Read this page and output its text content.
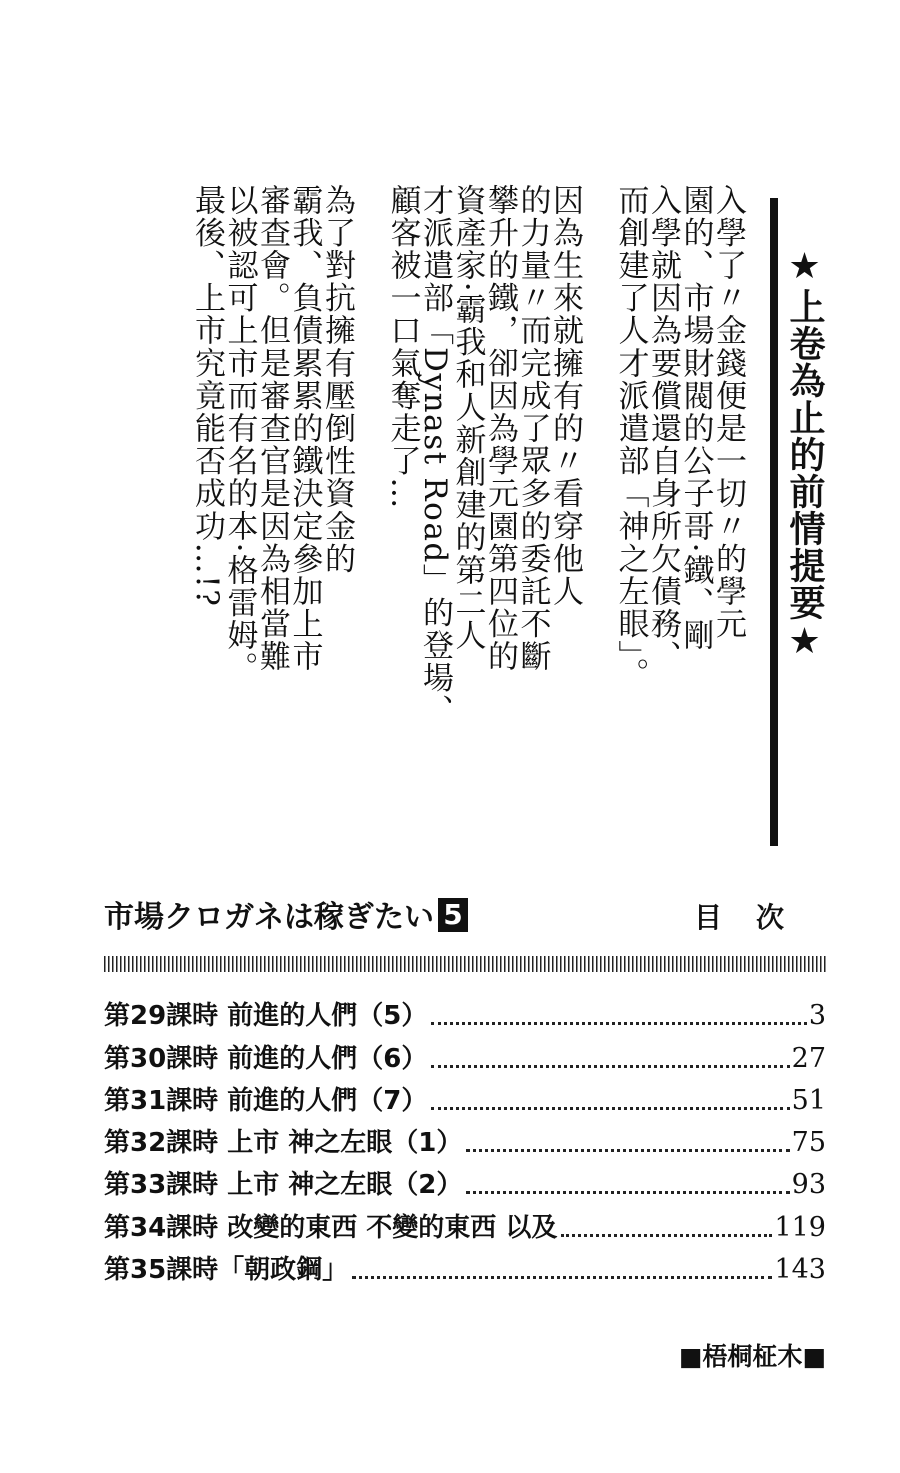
★上卷為止的前情提要★
入學了〃金錢便是一切〃的學元
園的、市場財閥的公子哥·鐵、剛
入學就因為要償還自身所欠債務、
而創建了人才派遣部「神之左眼」。
因為生來就擁有的〃看穿他人
的力量〃而完成了眾多的委託不斷
攀升的鐵，卻因為學元園第四位的
資產家·霸我和人新創建的第二人
才派遣部「Dynast Road」的登場、
顧客被一口氣奪走了…
為了對抗擁有壓倒性資金的
霸我、負債累累的鐵決定參加上市
審查會。但是審查官是因為相當難
以被認可上市而有名的本·格雷姆。
最後、上市究竟能否成功…!?
市場クロガネは稼ぎたい 5	目次
第29課時 前進的人們（5）	3
第30課時 前進的人們（6）	27
第31課時 前進的人們（7）	51
第32課時 上市 神之左眼（1）	75
第33課時 上市 神之左眼（2）	93
第34課時 改變的東西 不變的東西 以及	119
第35課時「朝政鋼」	143
■梧桐柾木■
